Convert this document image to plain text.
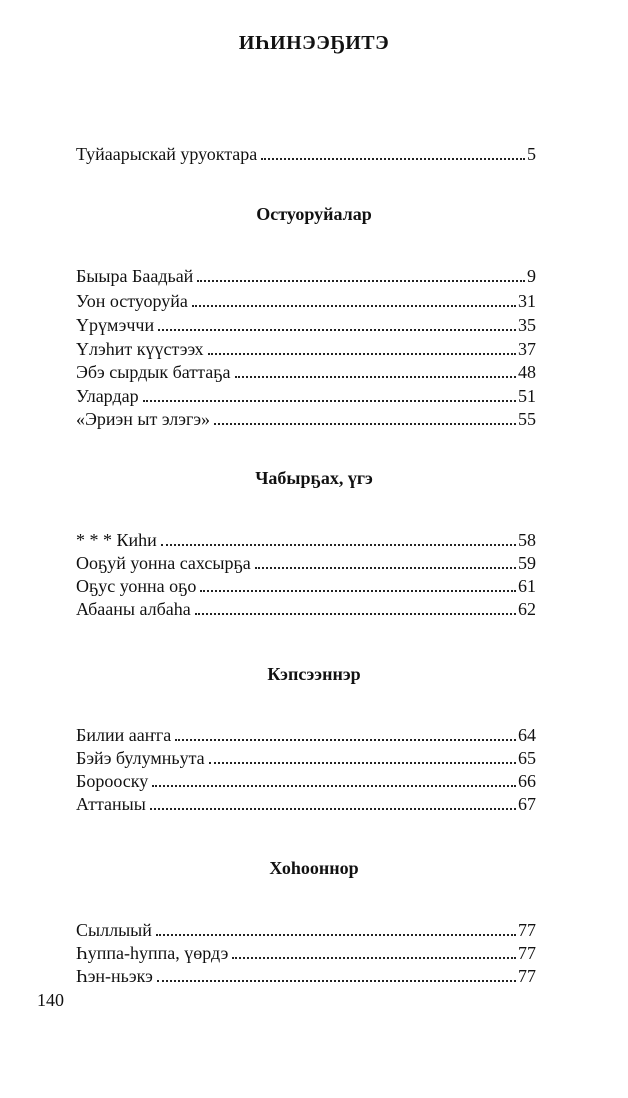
ИҺИНЭЭҔИТЭ
Туйаарыскай уруоктара	5
Остуоруйалар
Быыра Баадьай	9
Уон остуоруйа	31
Үрүмэччи	35
Үлэһит күүстээх	37
Эбэ сырдык баттаҕа	48
Улардар	51
«Эриэн ыт элэгэ»	55
Чабырҕах, үгэ
* * * Киһи	58
Ооҕуй уонна сахсырҕа	59
Оҕус уонна оҕо	61
Абааны албаһа	62
Кэпсээннэр
Билии ааҥга	64
Бэйэ булумньута	65
Борооску	66
Аттаныы	67
Хоһооннор
Сыллыый	77
Һуппа-һуппа, үөрдэ	77
Һэн-ньэкэ	77
140
